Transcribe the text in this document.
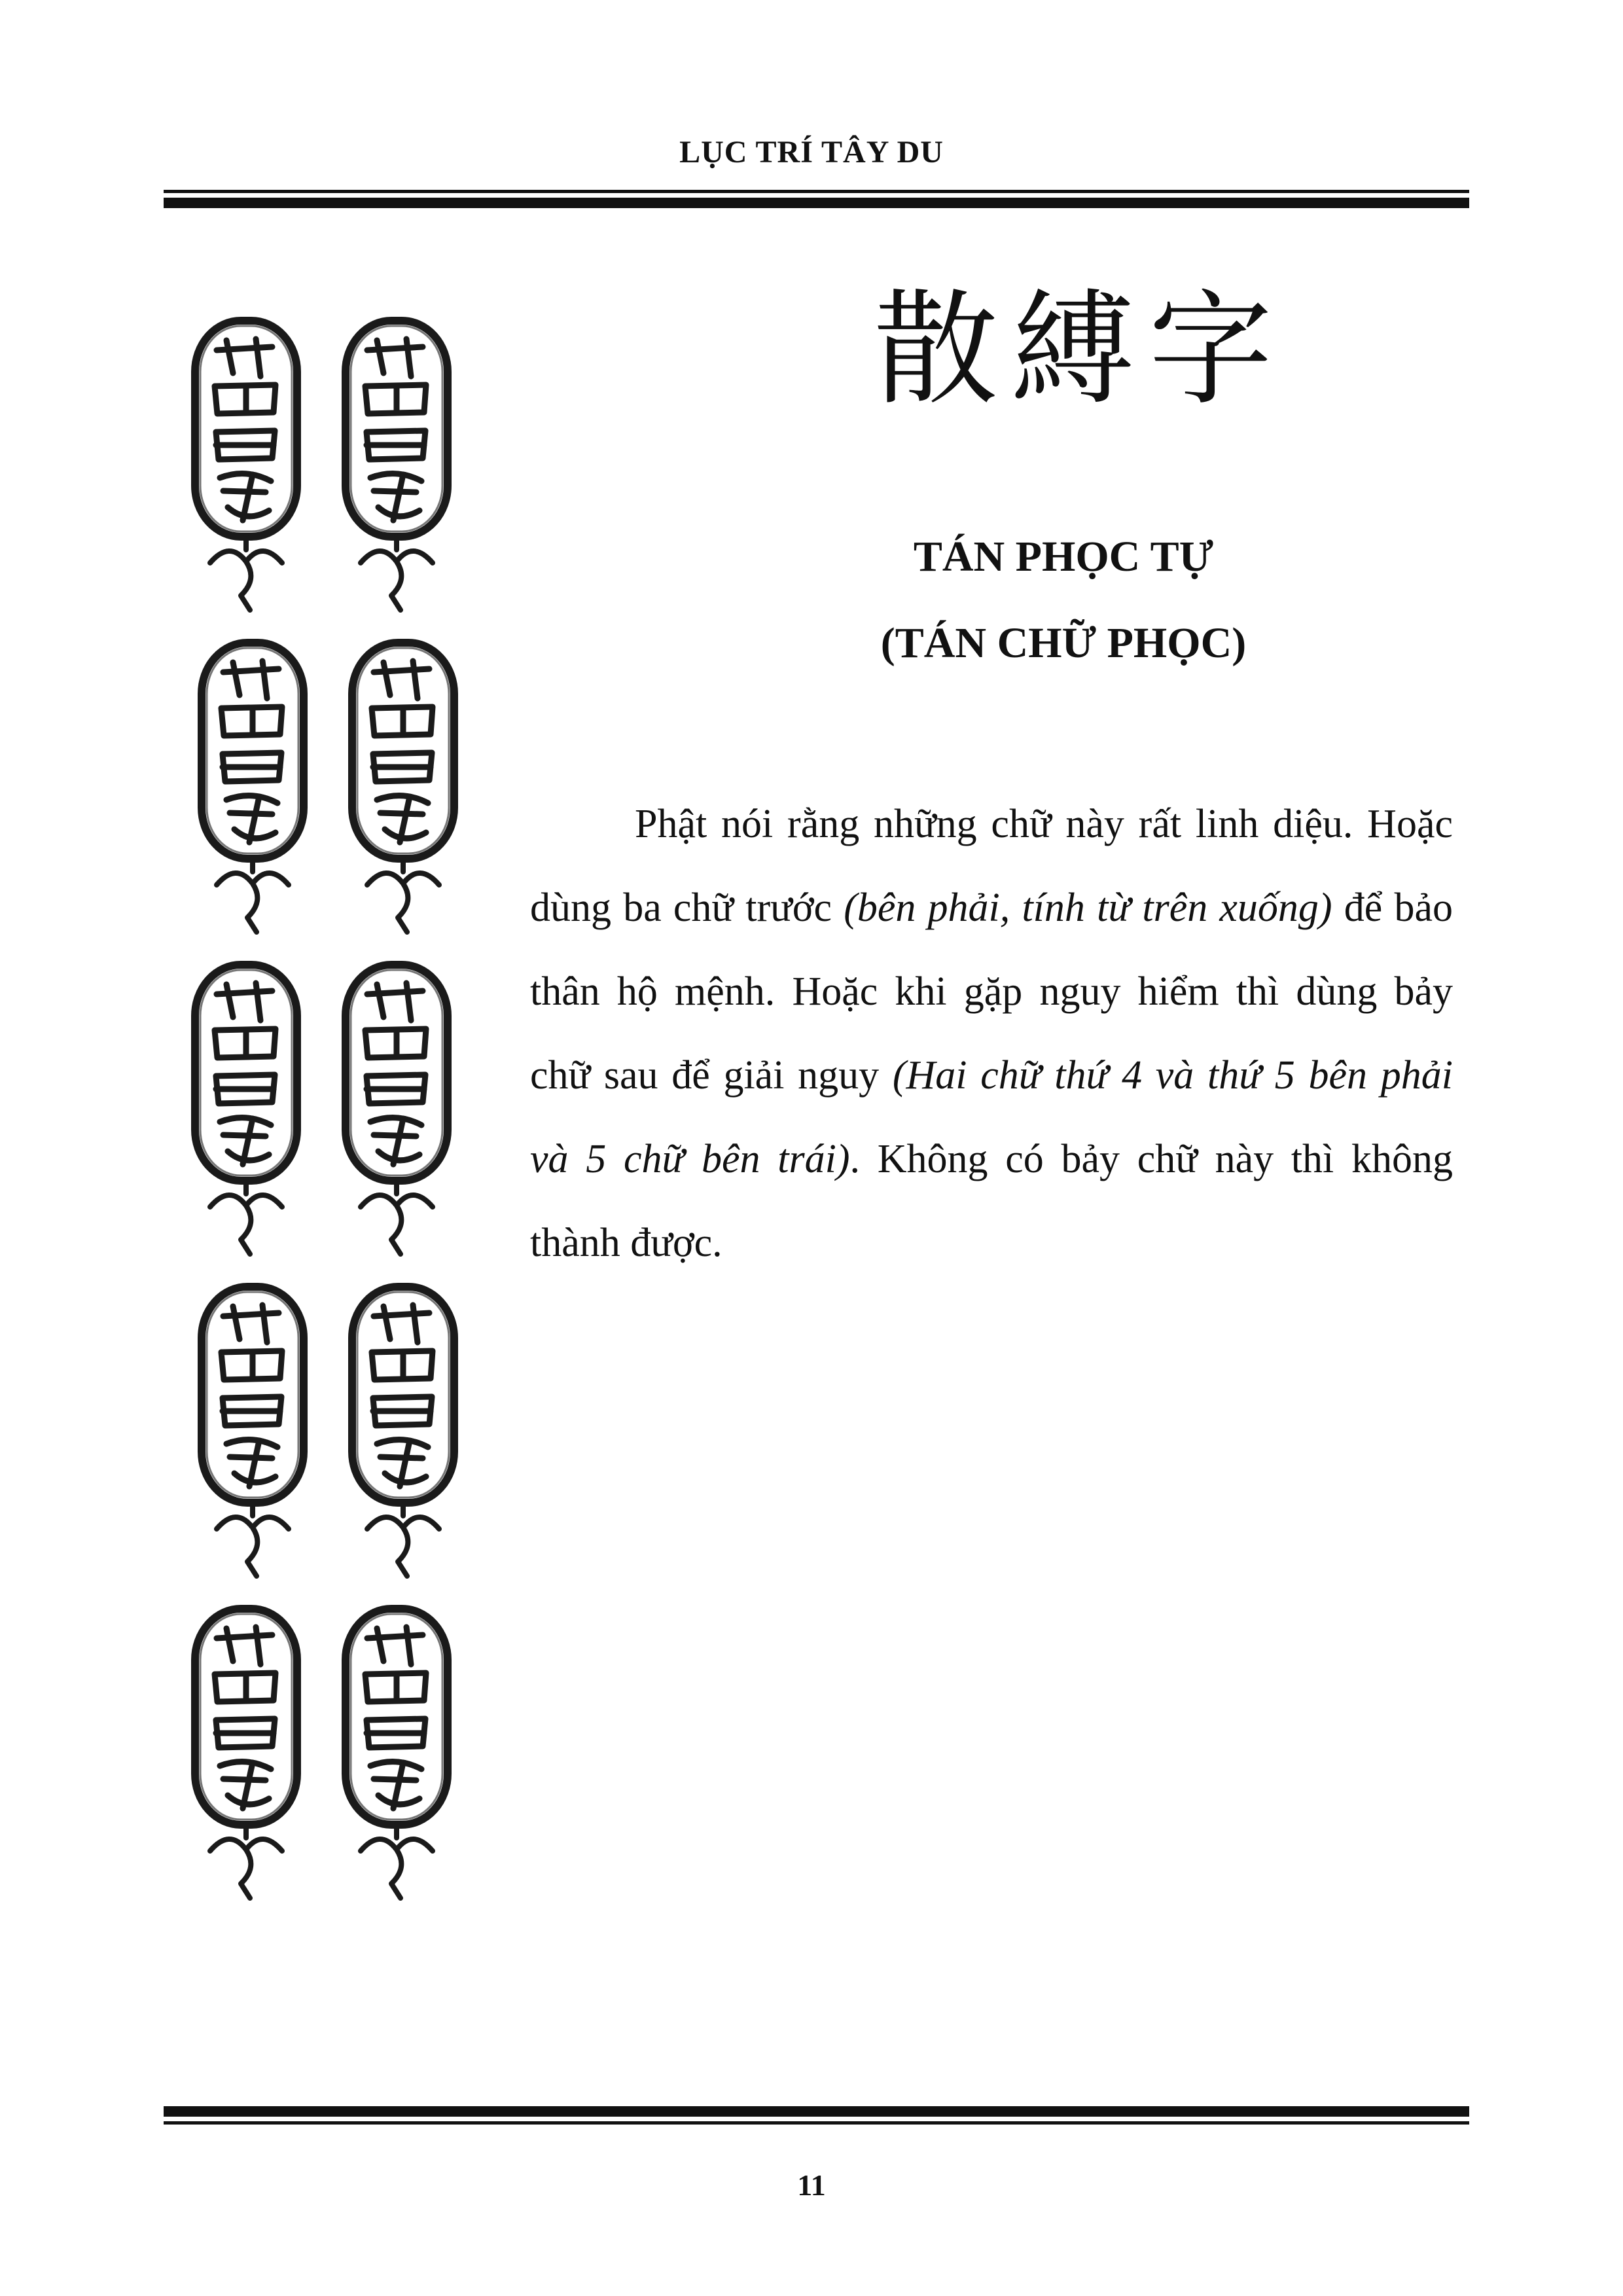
LỤC TRÍ TÂY DU
散縛字
TÁN PHỌC TỰ
(TÁN CHỮ PHỌC)

Phật nói rằng những chữ này rất linh diệu. Hoặc dùng ba chữ trước (bên phải, tính từ trên xuống) để bảo thân hộ mệnh. Hoặc khi gặp nguy hiểm thì dùng bảy chữ sau để giải nguy (Hai chữ thứ 4 và thứ 5 bên phải và 5 chữ bên trái). Không có bảy chữ này thì không thành được.

11
